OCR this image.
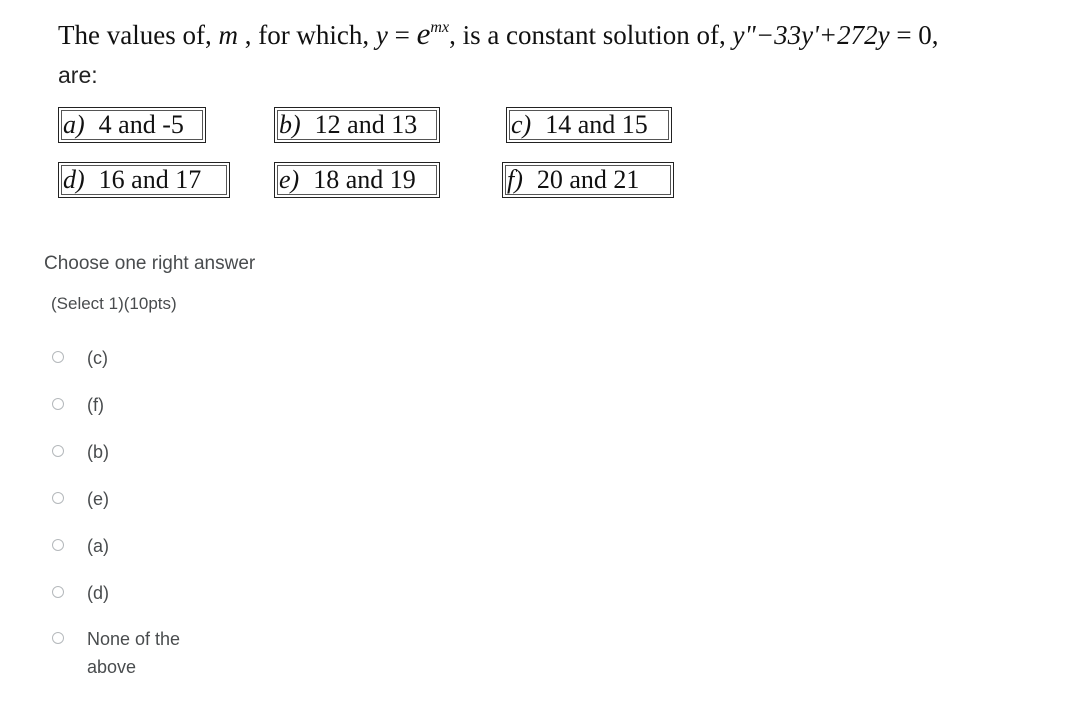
The values of, m , for which, $y = e^{mx}$, is a constant solution of, y"−33y'+272y = 0,
are:
a) 4 and -5	b) 12 and 13	c) 14 and 15
d) 16 and 17	e) 18 and 19	f) 20 and 21
Choose one right answer
(Select 1)(10pts)
(c)
(f)
(b)
(e)
(a)
(d)
None of the above
